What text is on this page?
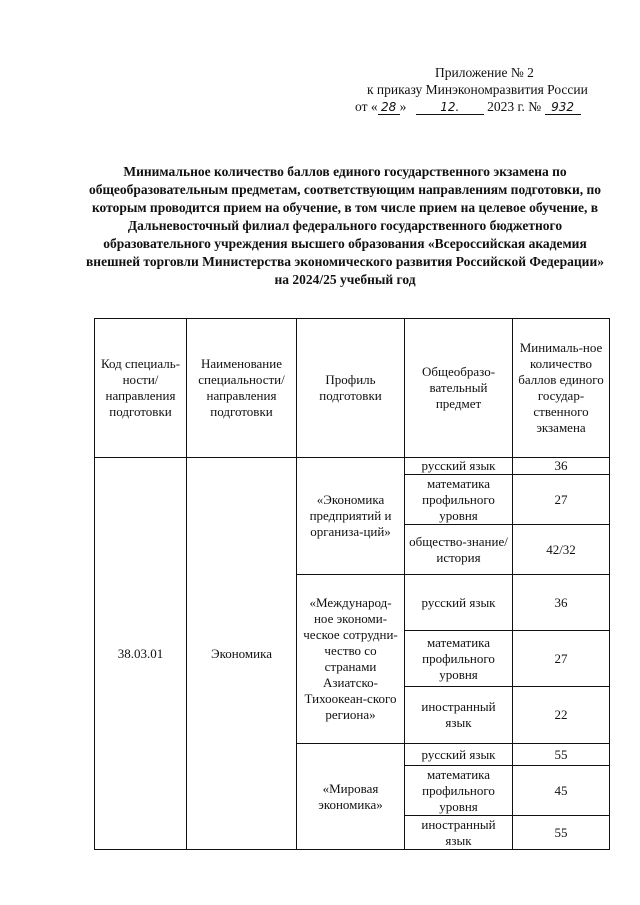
Приложение № 2
к приказу Минэкономразвития России
от « 28 »	12. 2023 г. № 932
Минимальное количество баллов единого государственного экзамена по общеобразовательным предметам, соответствующим направлениям подготовки, по которым проводится прием на обучение, в том числе прием на целевое обучение, в Дальневосточный филиал федерального государственного бюджетного образовательного учреждения высшего образования «Всероссийская академия внешней торговли Министерства экономического развития Российской Федерации» на 2024/25 учебный год
Код специаль-ности/ направления подготовки	Наименование специальности/ направления подготовки	Профиль подготовки	Общеобразо-вательный предмет	Минималь-ное количество баллов единого государ-ственного экзамена
38.03.01	Экономика	«Экономика предприятий и организа-ций»	русский язык	36
			математика профильного уровня	27
			общество-знание/ история	42/32
		«Международ-ное экономи-ческое сотрудни-чество со странами Азиатско-Тихоокеан-ского региона»	русский язык	36
			математика профильного уровня	27
			иностранный язык	22
		«Мировая экономика»	русский язык	55
			математика профильного уровня	45
			иностранный язык	55
